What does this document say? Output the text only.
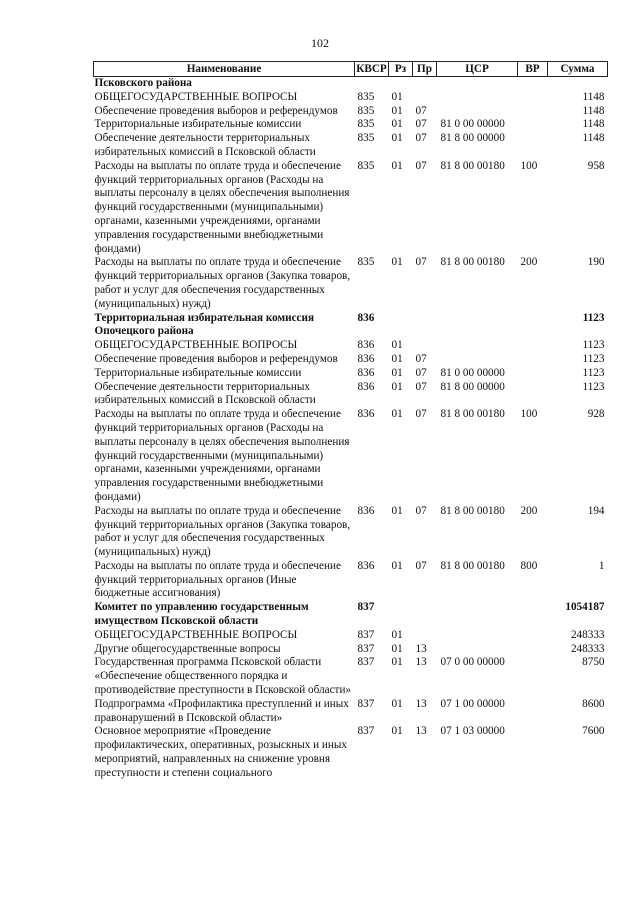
102
Наименование	КВСР	Рз	Пр	ЦСР	ВР	Сумма
Псковского района						
ОБЩЕГОСУДАРСТВЕННЫЕ ВОПРОСЫ	835	01				1148
Обеспечение проведения выборов и референдумов	835	01	07			1148
Территориальные избирательные комиссии	835	01	07	81 0 00 00000		1148
Обеспечение деятельности территориальных избирательных комиссий в Псковской области	835	01	07	81 8 00 00000		1148
Расходы на выплаты по оплате труда и обеспечение функций территориальных органов (Расходы на выплаты персоналу в целях обеспечения выполнения функций государственными (муниципальными) органами, казенными учреждениями, органами управления государственными внебюджетными фондами)	835	01	07	81 8 00 00180	100	958
Расходы на выплаты по оплате труда и обеспечение функций территориальных органов (Закупка товаров, работ и услуг для обеспечения государственных (муниципальных) нужд)	835	01	07	81 8 00 00180	200	190
Территориальная избирательная комиссия Опочецкого района	836					1123
ОБЩЕГОСУДАРСТВЕННЫЕ ВОПРОСЫ	836	01				1123
Обеспечение проведения выборов и референдумов	836	01	07			1123
Территориальные избирательные комиссии	836	01	07	81 0 00 00000		1123
Обеспечение деятельности территориальных избирательных комиссий в Псковской области	836	01	07	81 8 00 00000		1123
Расходы на выплаты по оплате труда и обеспечение функций территориальных органов (Расходы на выплаты персоналу в целях обеспечения выполнения функций государственными (муниципальными) органами, казенными учреждениями, органами управления государственными внебюджетными фондами)	836	01	07	81 8 00 00180	100	928
Расходы на выплаты по оплате труда и обеспечение функций территориальных органов (Закупка товаров, работ и услуг для обеспечения государственных (муниципальных) нужд)	836	01	07	81 8 00 00180	200	194
Расходы на выплаты по оплате труда и обеспечение функций территориальных органов (Иные бюджетные ассигнования)	836	01	07	81 8 00 00180	800	1
Комитет по управлению государственным имуществом Псковской области	837					1054187
ОБЩЕГОСУДАРСТВЕННЫЕ ВОПРОСЫ	837	01				248333
Другие общегосударственные вопросы	837	01	13			248333
Государственная программа Псковской области «Обеспечение общественного порядка и противодействие преступности в Псковской области»	837	01	13	07 0 00 00000		8750
Подпрограмма «Профилактика преступлений и иных правонарушений в Псковской области»	837	01	13	07 1 00 00000		8600
Основное мероприятие «Проведение профилактических, оперативных, розыскных и иных мероприятий, направленных на снижение уровня преступности и степени социального	837	01	13	07 1 03 00000		7600
